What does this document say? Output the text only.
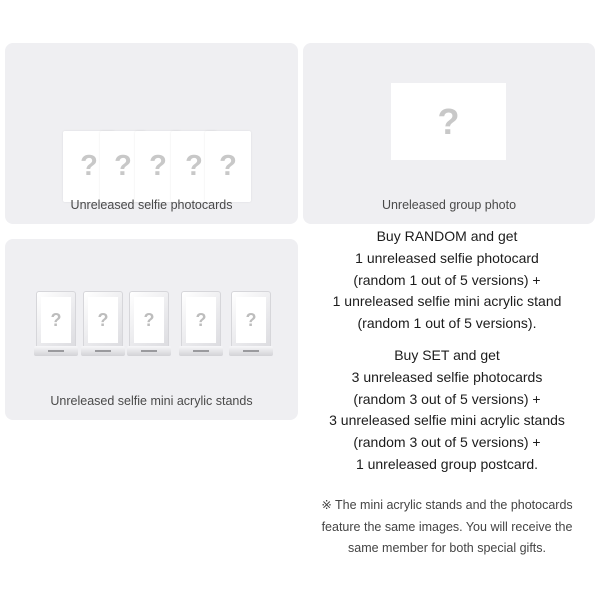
? ? ? ? ?
Unreleased selfie photocards
?
Unreleased group photo
? ? ? ? ?
Unreleased selfie mini acrylic stands

Buy RANDOM and get

1 unreleased selfie photocard

(random 1 out of 5 versions) +

1 unreleased selfie mini acrylic stand

(random 1 out of 5 versions).

Buy SET and get

3 unreleased selfie photocards

(random 3 out of 5 versions) +

3 unreleased selfie mini acrylic stands

(random 3 out of 5 versions) +

1 unreleased group postcard.

※ The mini acrylic stands and the photocards
feature the same images. You will receive the
same member for both special gifts.
